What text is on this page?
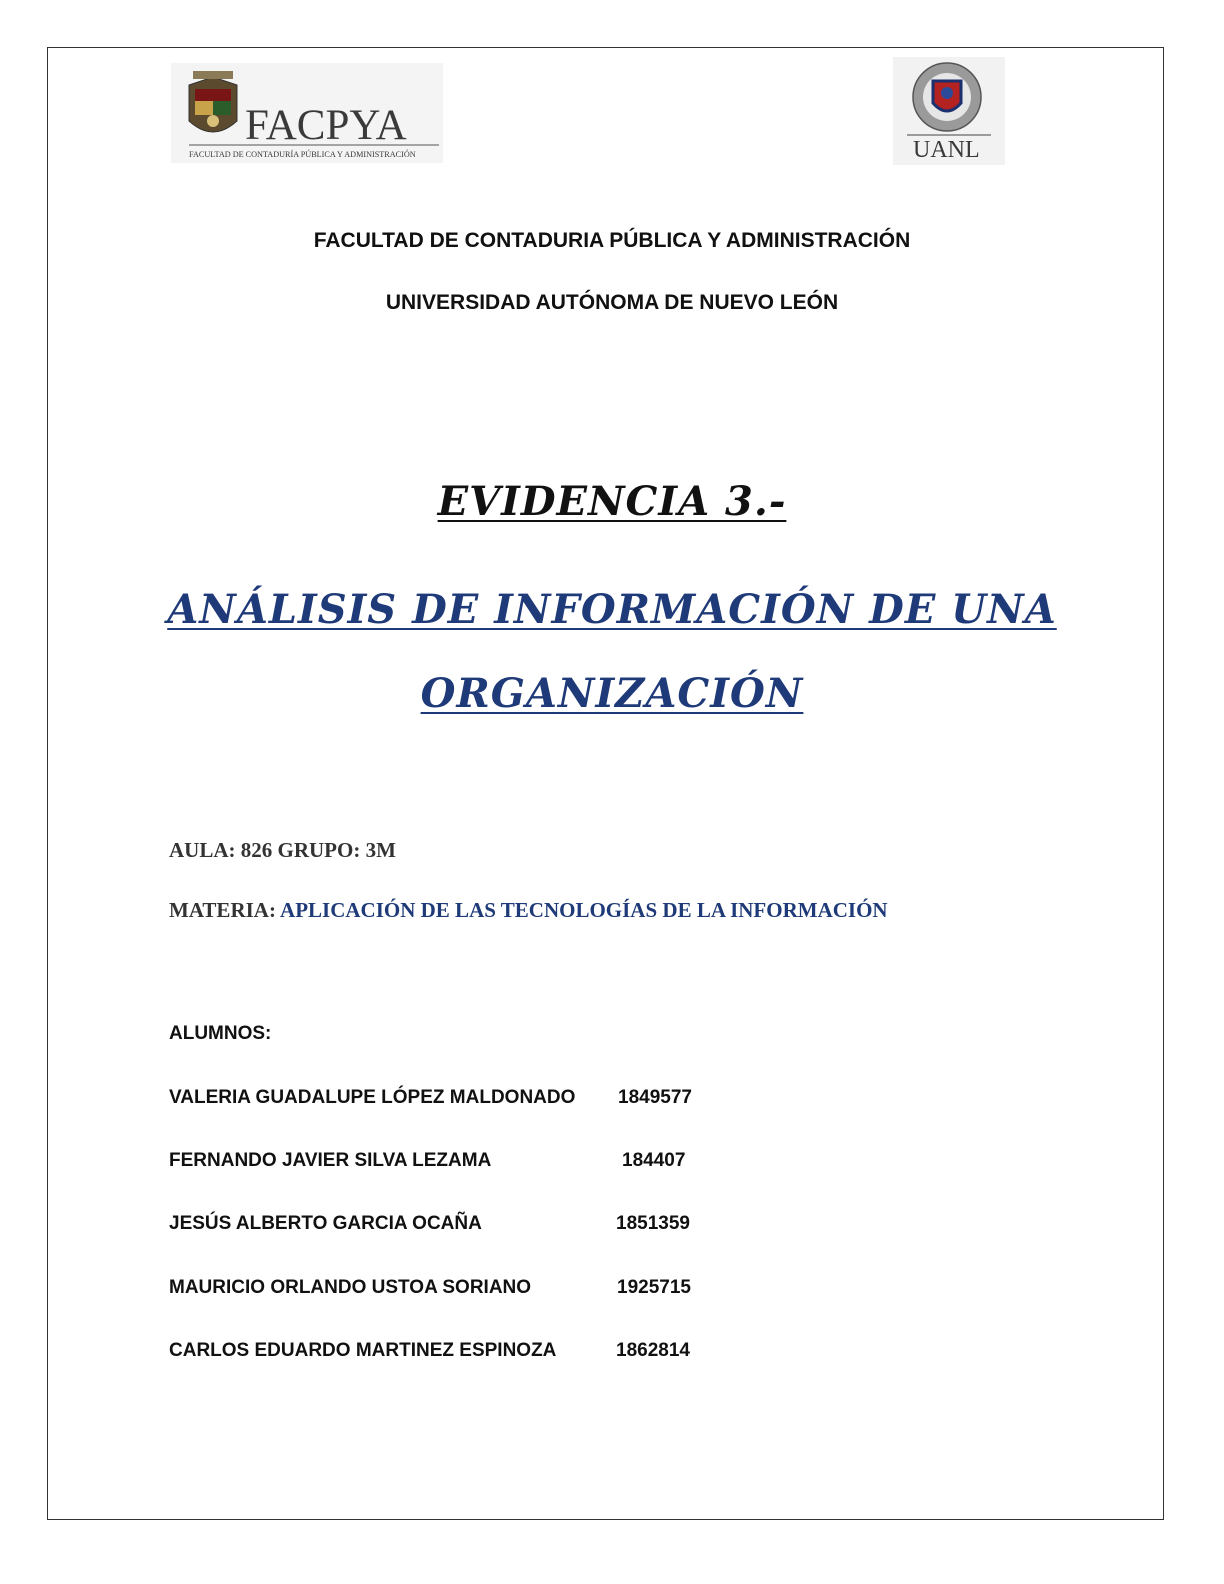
FACPYA
FACULTAD DE CONTADURÍA PÚBLICA Y ADMINISTRACIÓN	UANL
FACULTAD DE CONTADURIA PÚBLICA Y ADMINISTRACIÓN
UNIVERSIDAD AUTÓNOMA DE NUEVO LEÓN
EVIDENCIA 3.-
ANÁLISIS DE INFORMACIÓN DE UNA
ORGANIZACIÓN
AULA: 826 GRUPO: 3M
MATERIA: APLICACIÓN DE LAS TECNOLOGÍAS DE LA INFORMACIÓN
ALUMNOS:
VALERIA GUADALUPE LÓPEZ MALDONADO 1849577
FERNANDO JAVIER SILVA LEZAMA	184407
JESÚS ALBERTO GARCIA OCAÑA	1851359
MAURICIO ORLANDO USTOA SORIANO	1925715
CARLOS EDUARDO MARTINEZ ESPINOZA	1862814
